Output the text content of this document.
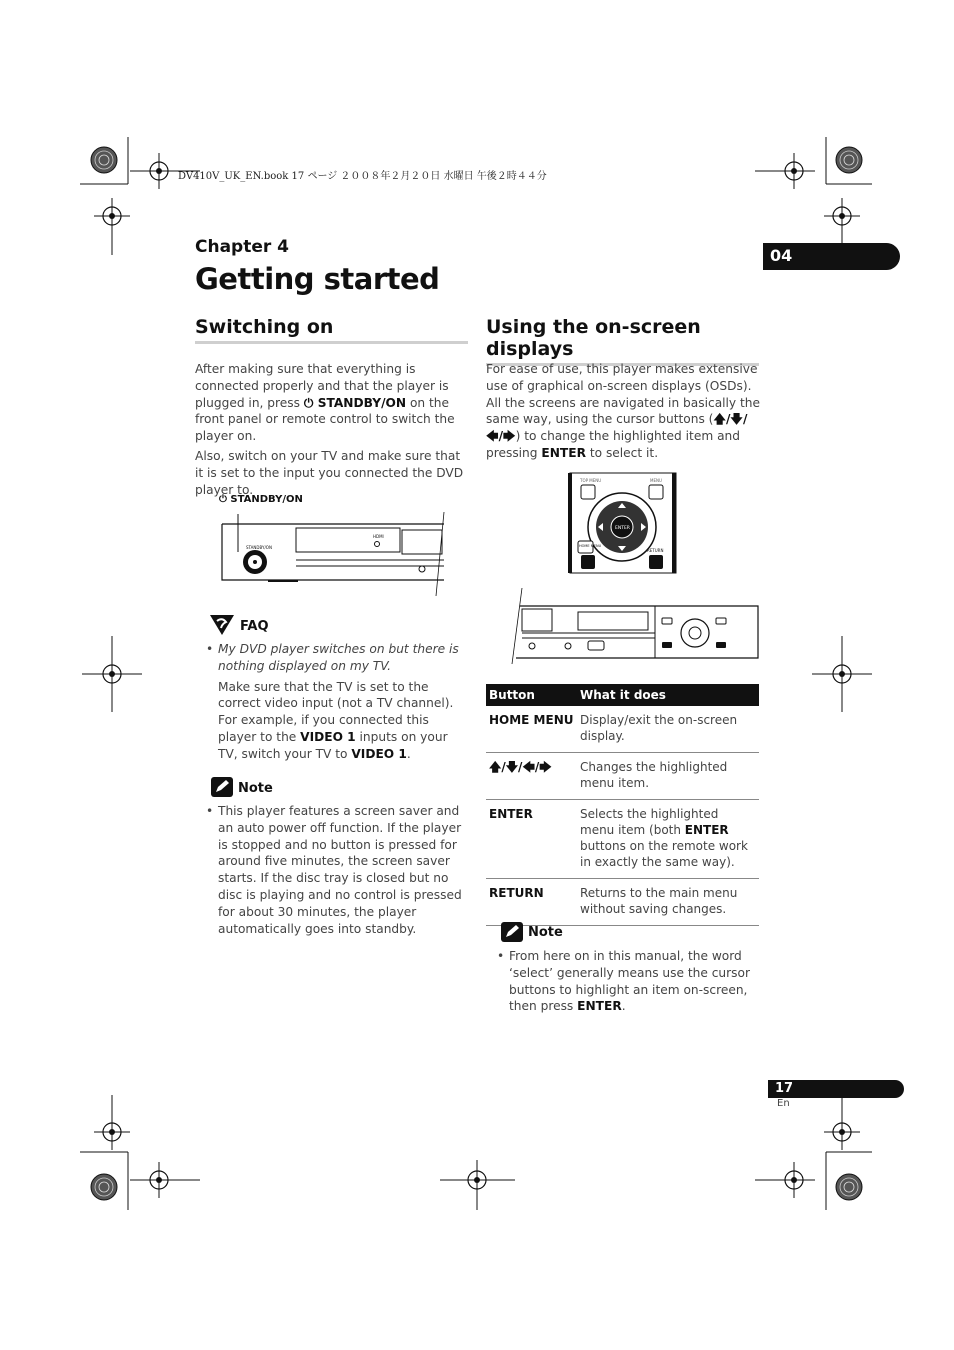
DV410V_UK_EN.book 17 ページ ２００８年２月２０日 水曜日 午後２時４４分
Chapter 4	04
Getting started
Switching on

After making sure that everything is connected properly and that the player is plugged in, press ⏻ STANDBY/ON on the front panel or remote control to switch the player on.

Also, switch on your TV and make sure that it is set to the input you connected the DVD player to.

⏻ STANDBY/ON
STANDBY/ON
HDMI
FAQ
• My DVD player switches on but there is nothing displayed on my TV.
Make sure that the TV is set to the correct video input (not a TV channel). For example, if you connected this player to the VIDEO 1 inputs on your TV, switch your TV to VIDEO 1.
Note
• This player features a screen saver and an auto power off function. If the player is stopped and no button is pressed for around five minutes, the screen saver starts. If the disc tray is closed but no disc is playing and no control is pressed for about 30 minutes, the player automatically goes into standby.
Using the on-screen displays

For ease of use, this player makes extensive use of graphical on-screen displays (OSDs). All the screens are navigated in basically the same way, using the cursor buttons (🡅/🡇/🡄/🡆) to change the highlighted item and pressing ENTER to select it.

TOP MENU	MENU
ENTER
HOME MENU
RETURN
Button	What it does
HOME MENU	Display/exit the on-screen display.
🡅/🡇/🡄/🡆	Changes the highlighted menu item.
ENTER	Selects the highlighted menu item (both ENTER buttons on the remote work in exactly the same way).
RETURN	Returns to the main menu without saving changes.
Note
• From here on in this manual, the word ‘select’ generally means use the cursor buttons to highlight an item on-screen, then press ENTER.
17
En
